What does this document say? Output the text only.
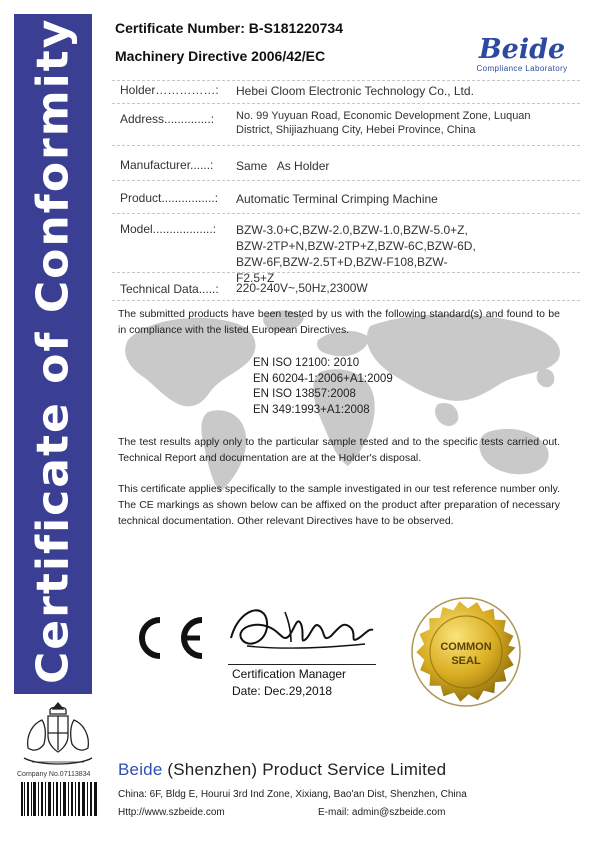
Certificate of Conformity	Certificate Number: B-S181220734
Machinery Directive 2006/42/EC	Beide
Compliance Laboratory
Holder……………: Hebei Cloom Electronic Technology Co., Ltd.
Address..............: No. 99 Yuyuan Road, Economic Development Zone, Luquan District, Shijiazhuang City, Hebei Province, China
Manufacturer......: Same   As Holder
Product................: Automatic Terminal Crimping Machine
Model..................: BZW-3.0+C,BZW-2.0,BZW-1.0,BZW-5.0+Z, BZW-2TP+N,BZW-2TP+Z,BZW-6C,BZW-6D, BZW-6F,BZW-2.5T+D,BZW-F108,BZW-F2.5+Z
Technical Data.....: 220-240V~,50Hz,2300W
The submitted products have been tested by us with the following standard(s) and found to be in compliance with the listed European Directives.
EN ISO 12100: 2010
EN 60204-1:2006+A1:2009
EN ISO 13857:2008
EN 349:1993+A1:2008
The test results apply only to the particular sample tested and to the specific tests carried out. Technical Report and documentation are at the Holder's disposal.
This certificate applies specifically to the sample investigated in our test reference number only. The CE markings as shown below can be affixed on the product after preparation of necessary technical documentation. Other relevant Directives have to be observed.
Certification Manager
Date: Dec.29,2018
COMMON
SEAL
Company No.07113834 Beide (Shenzhen) Product Service Limited
China: 6F, Bldg E, Hourui 3rd Ind Zone, Xixiang, Bao'an Dist, Shenzhen, China
Http://www.szbeide.com	E-mail: admin@szbeide.com
